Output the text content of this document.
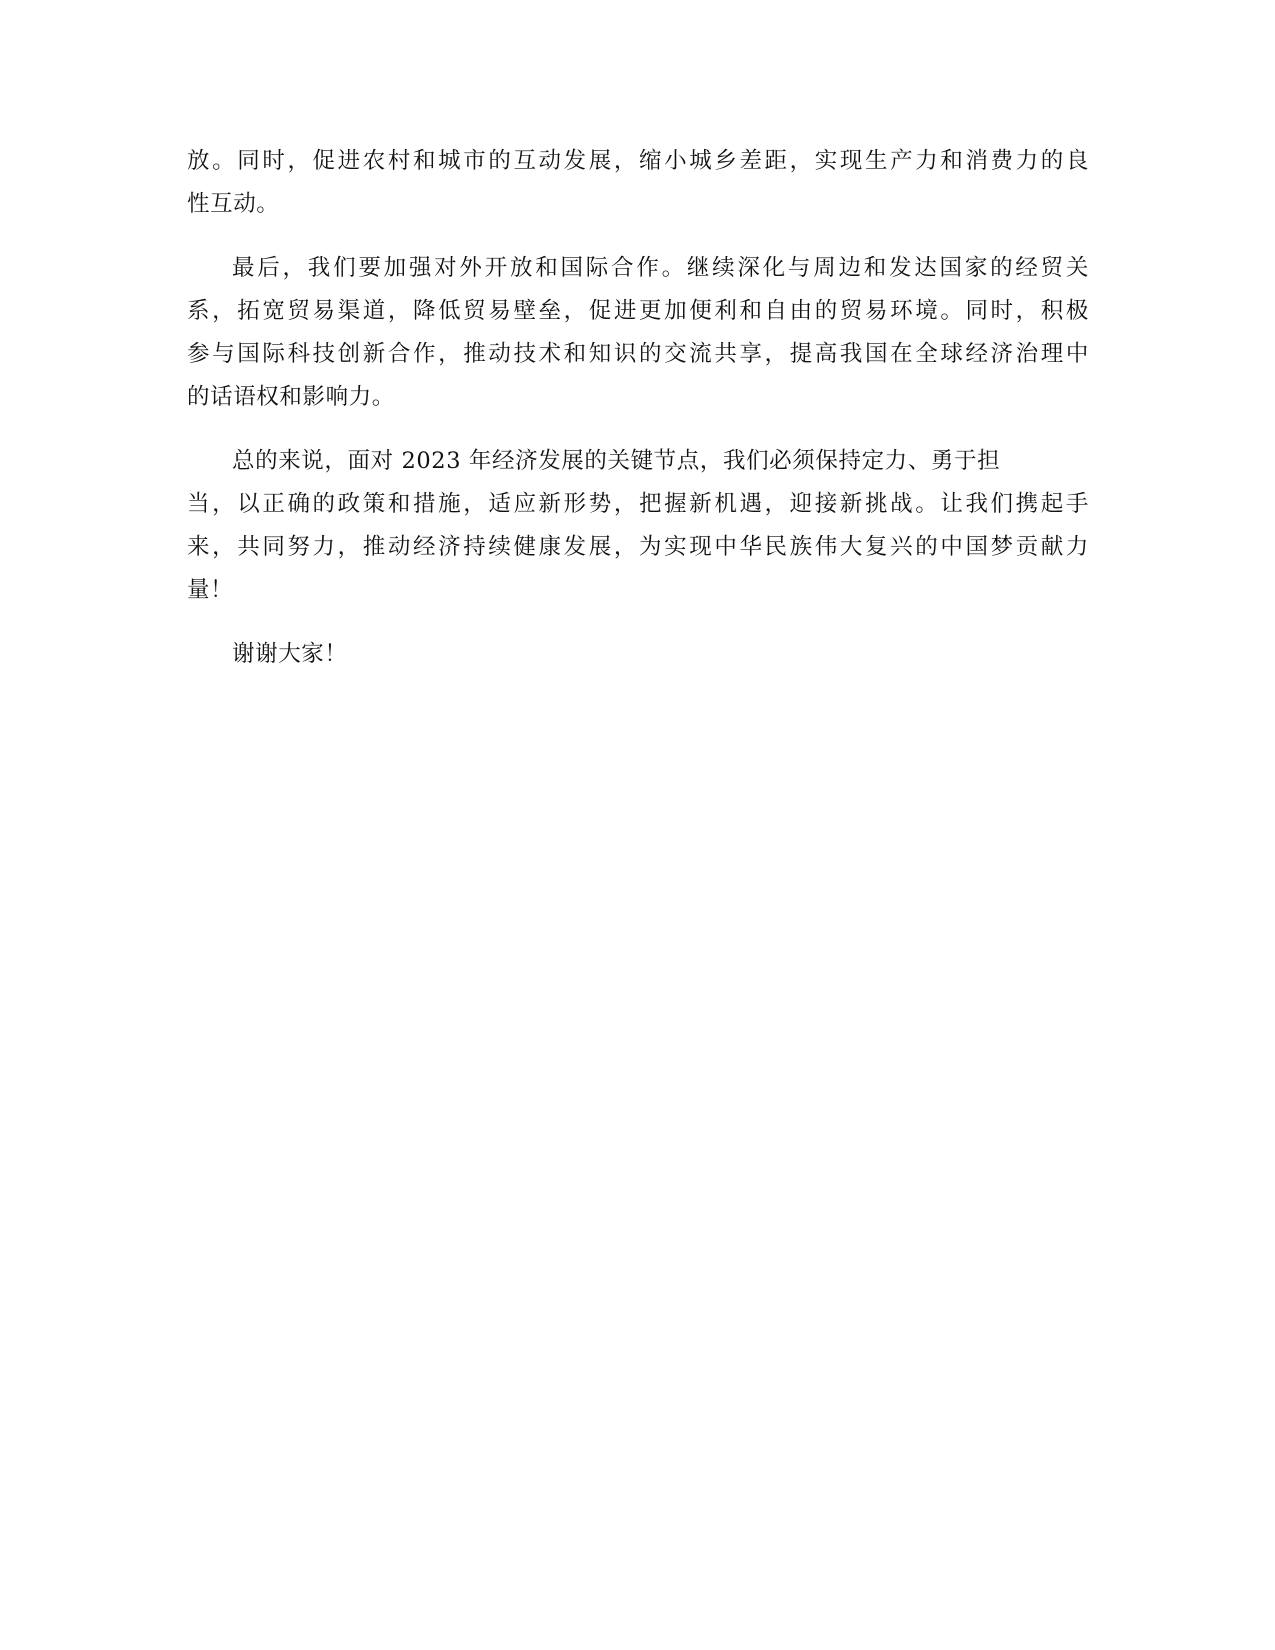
放。同时，促进农村和城市的互动发展，缩小城乡差距，实现生产力和消费力的良
性互动。
最后，我们要加强对外开放和国际合作。继续深化与周边和发达国家的经贸关
系，拓宽贸易渠道，降低贸易壁垒，促进更加便利和自由的贸易环境。同时，积极
参与国际科技创新合作，推动技术和知识的交流共享，提高我国在全球经济治理中
的话语权和影响力。
总的来说，面对 2023 年经济发展的关键节点，我们必须保持定力、勇于担
当，以正确的政策和措施，适应新形势，把握新机遇，迎接新挑战。让我们携起手
来，共同努力，推动经济持续健康发展，为实现中华民族伟大复兴的中国梦贡献力
量！
谢谢大家！
